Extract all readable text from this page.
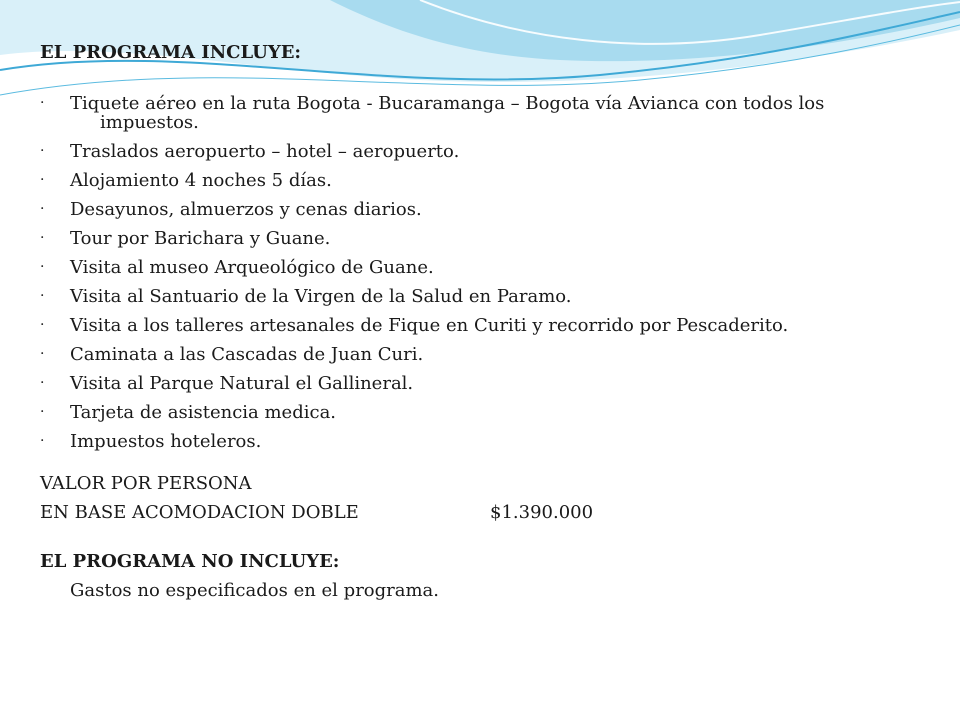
EL PROGRAMA INCLUYE:
·	Tiquete aéreo en la ruta Bogota - Bucaramanga – Bogota vía Avianca con todos los impuestos.
·	Traslados aeropuerto – hotel – aeropuerto.
·	Alojamiento 4 noches 5 días.
·	Desayunos, almuerzos y cenas diarios.
·	Tour por Barichara y Guane.
·	Visita al museo Arqueológico de Guane.
·	Visita al Santuario de la Virgen de la Salud en Paramo.
·	Visita a los talleres artesanales de Fique en Curiti y recorrido por Pescaderito.
·	Caminata a las Cascadas de Juan Curi.
·	Visita al Parque Natural el Gallineral.
·	Tarjeta de asistencia medica.
·	Impuestos hoteleros.
VALOR POR PERSONA
EN BASE ACOMODACION DOBLE	$1.390.000
EL PROGRAMA NO INCLUYE:
Gastos no especificados en el programa.
